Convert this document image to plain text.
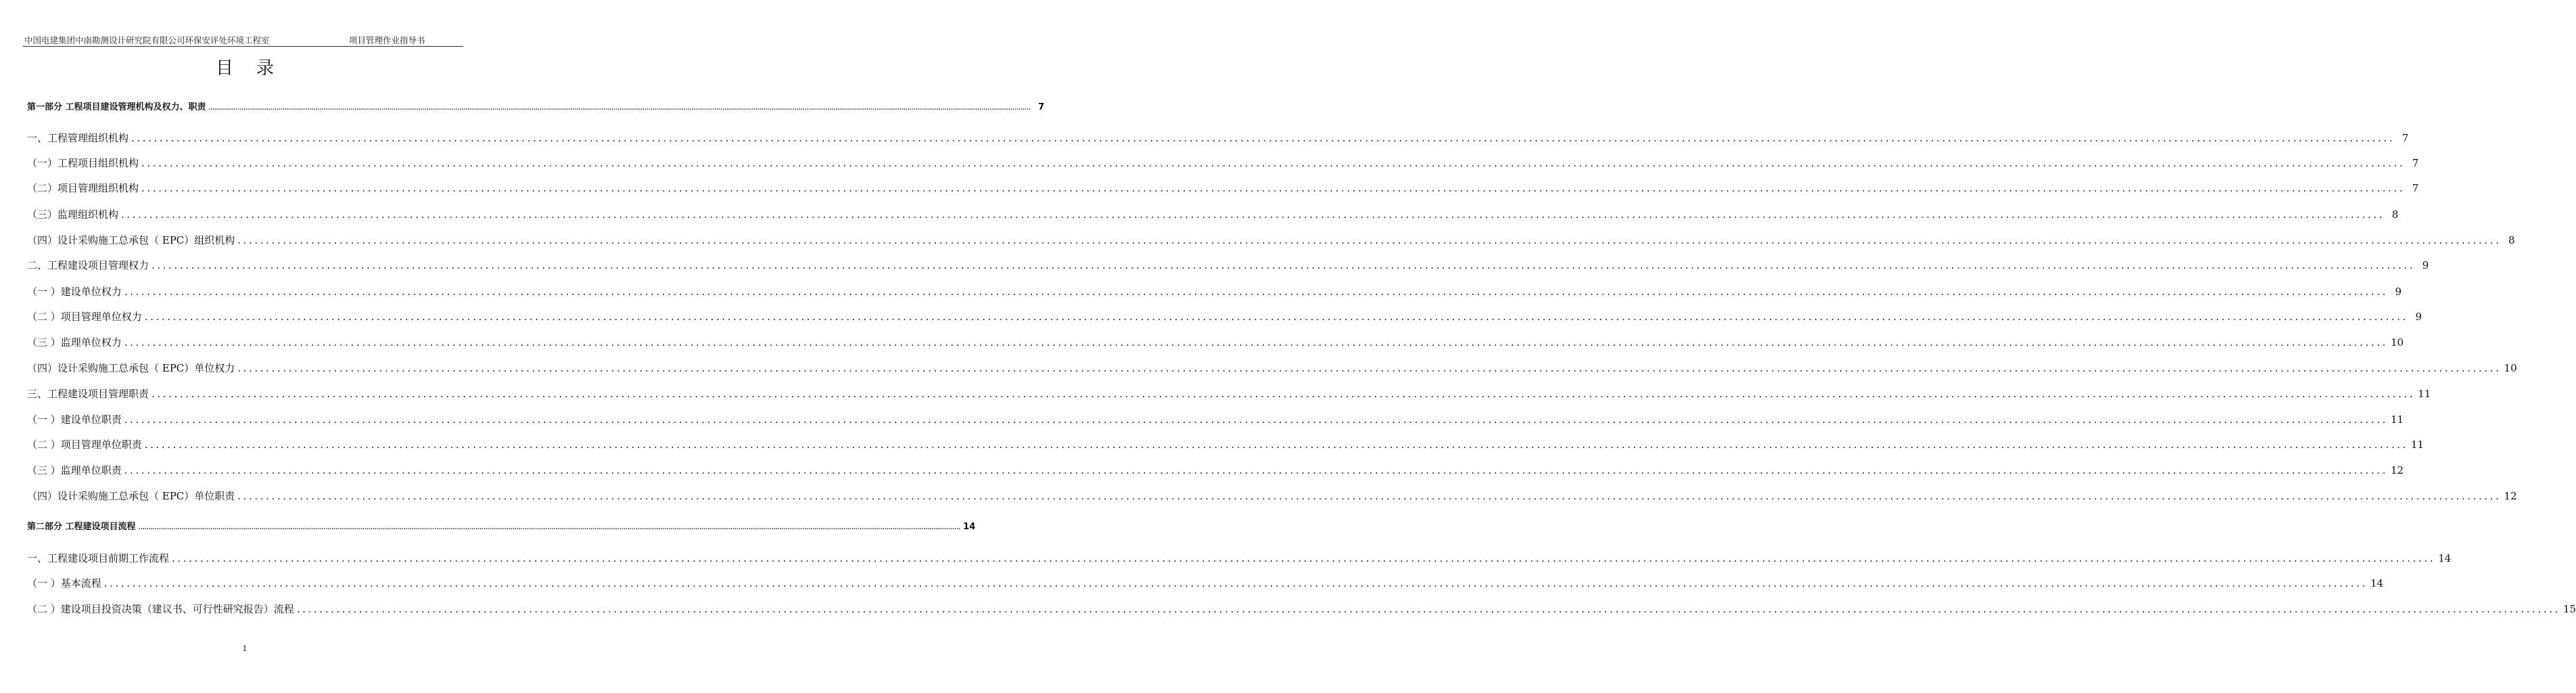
中国电建集团中南勘测设计研究院有限公司环保安评处环境工程室	项目管理作业指导书
目录
第一部分 工程项目建设管理机构及权力、职责 ................................................................................................................................................................................................................................................................................................................................................................................................................ 7
一、工程管理组织机构 ................................................................................................................................................................................................................................................................................................................................................................................................................ 7
（一）工程项目组织机构 ................................................................................................................................................................................................................................................................................................................................................................................................................ 7
（二）项目管理组织机构 ................................................................................................................................................................................................................................................................................................................................................................................................................ 7
（三）监理组织机构 ................................................................................................................................................................................................................................................................................................................................................................................................................ 8
（四）设计采购施工总承包（ EPC）组织机构 ................................................................................................................................................................................................................................................................................................................................................................................................................ 8
二、工程建设项目管理权力 ................................................................................................................................................................................................................................................................................................................................................................................................................ 9
（一 ）建设单位权力 ................................................................................................................................................................................................................................................................................................................................................................................................................ 9
（二 ）项目管理单位权力 ................................................................................................................................................................................................................................................................................................................................................................................................................ 9
（三 ）监理单位权力 ................................................................................................................................................................................................................................................................................................................................................................................................................ 10
（四）设计采购施工总承包（ EPC）单位权力 ................................................................................................................................................................................................................................................................................................................................................................................................................ 10
三、工程建设项目管理职责 ................................................................................................................................................................................................................................................................................................................................................................................................................ 11
（一 ）建设单位职责 ................................................................................................................................................................................................................................................................................................................................................................................................................ 11
（二 ）项目管理单位职责 ................................................................................................................................................................................................................................................................................................................................................................................................................ 11
（三 ）监理单位职责 ................................................................................................................................................................................................................................................................................................................................................................................................................ 12
（四）设计采购施工总承包（ EPC）单位职责 ................................................................................................................................................................................................................................................................................................................................................................................................................ 12
第二部分 工程建设项目流程 ................................................................................................................................................................................................................................................................................................................................................................................................................ 14
一、工程建设项目前期工作流程 ................................................................................................................................................................................................................................................................................................................................................................................................................ 14
（一 ）基本流程 ................................................................................................................................................................................................................................................................................................................................................................................................................ 14
（二 ）建设项目投资决策（建议书、可行性研究报告）流程 ................................................................................................................................................................................................................................................................................................................................................................................................................ 15
1
